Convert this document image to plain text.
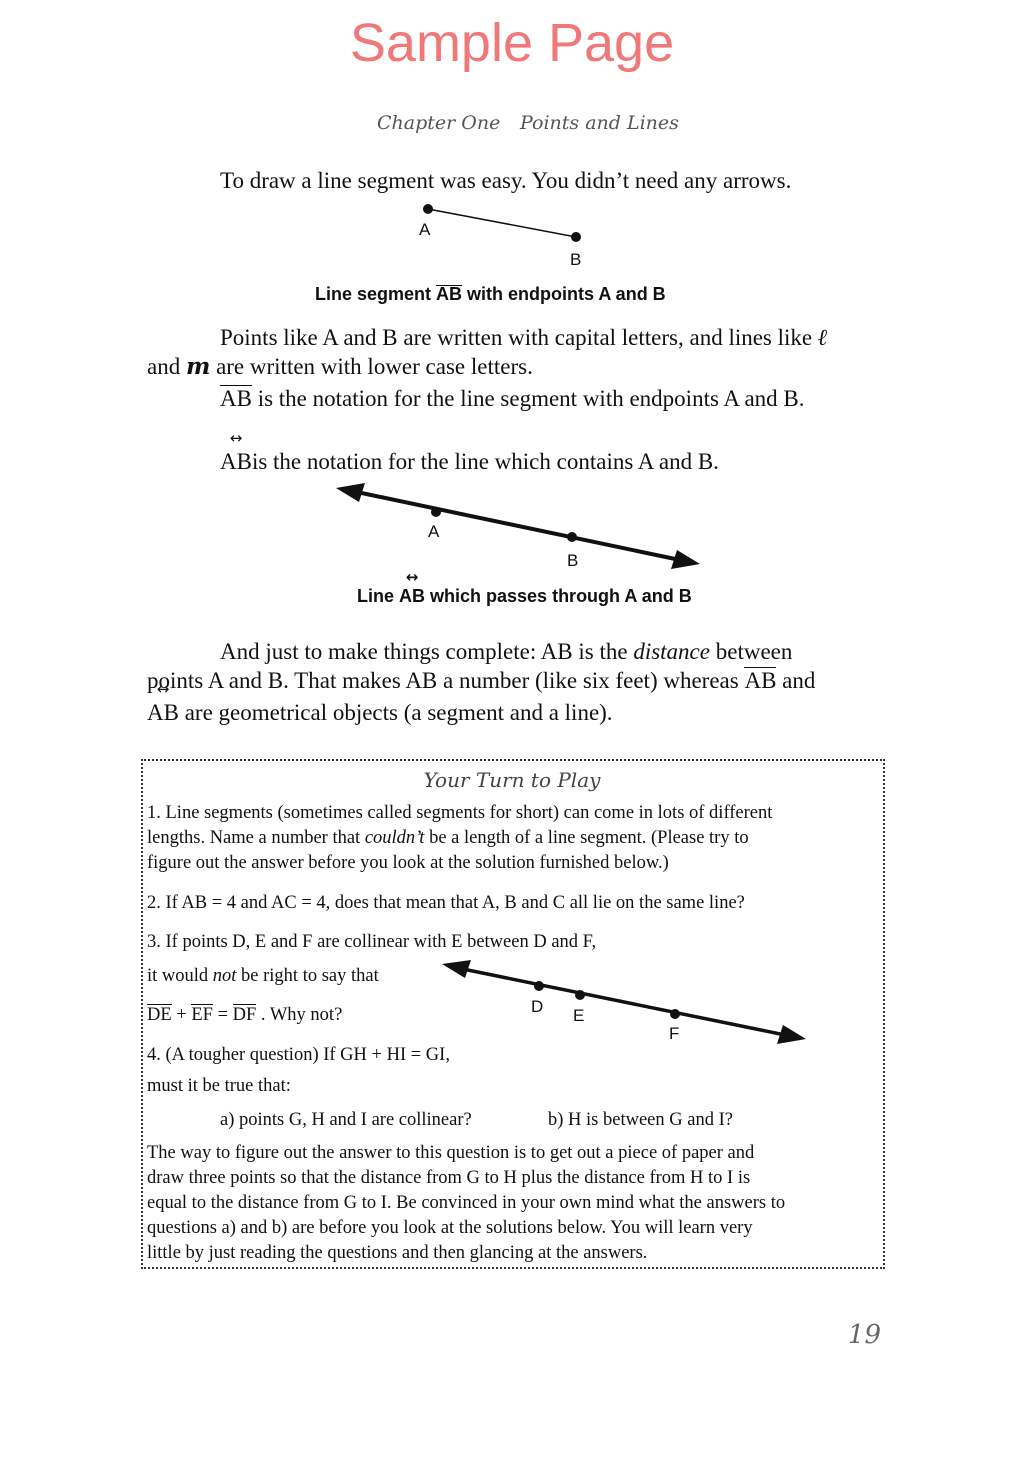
Sample Page
Chapter One Points and Lines
To draw a line segment was easy. You didn’t need any arrows.
A
B
Line segment AB with endpoints A and B
Points like A and B are written with capital letters, and lines like ℓ
and m are written with lower case letters.
AB is the notation for the line segment with endpoints A and B.
↔ ABis the notation for the line which contains A and B.
A
B
Line ↔ AB which passes through A and B
And just to make things complete: AB is the distance between
points A and B. That makes AB a number (like six feet) whereas AB and
↔ AB are geometrical objects (a segment and a line).
Your Turn to Play
1. Line segments (sometimes called segments for short) can come in lots of different
lengths. Name a number that couldn’t be a length of a line segment. (Please try to
figure out the answer before you look at the solution furnished below.)
2. If AB = 4 and AC = 4, does that mean that A, B and C all lie on the same line?
3. If points D, E and F are collinear with E between D and F,
it would not be right to say that
DE + EF = DF . Why not?	D E
F
4. (A tougher question) If GH + HI = GI,
must it be true that:
a) points G, H and I are collinear?	b) H is between G and I?
The way to figure out the answer to this question is to get out a piece of paper and
draw three points so that the distance from G to H plus the distance from H to I is
equal to the distance from G to I. Be convinced in your own mind what the answers to
questions a) and b) are before you look at the solutions below. You will learn very
little by just reading the questions and then glancing at the answers.
19
